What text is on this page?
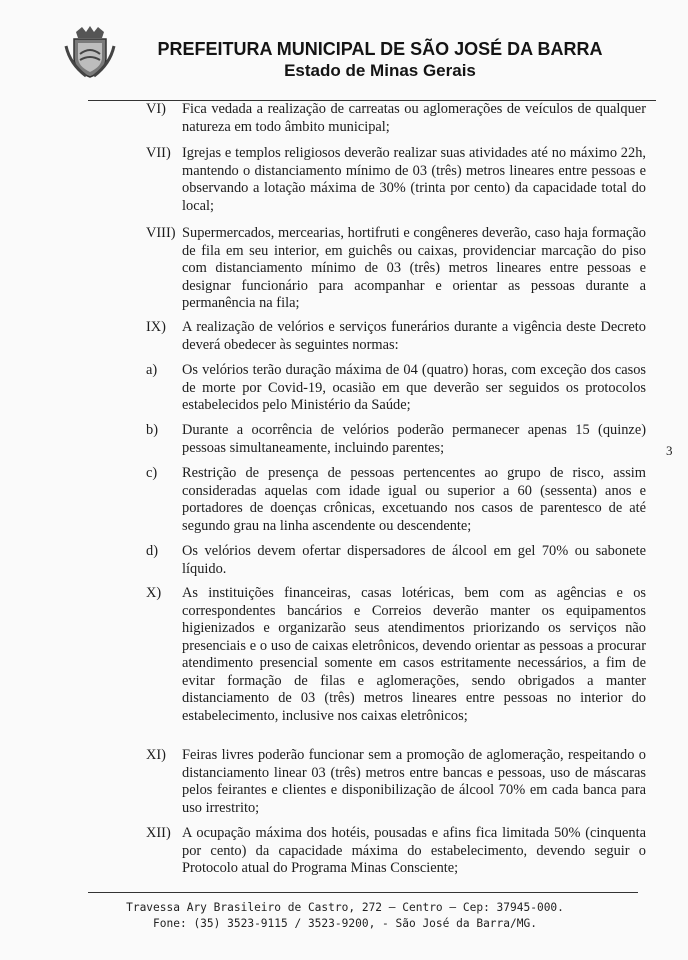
PREFEITURA MUNICIPAL DE SÃO JOSÉ DA BARRA
Estado de Minas Gerais
VI) Fica vedada a realização de carreatas ou aglomerações de veículos de qualquer natureza em todo âmbito municipal;
VII) Igrejas e templos religiosos deverão realizar suas atividades até no máximo 22h, mantendo o distanciamento mínimo de 03 (três) metros lineares entre pessoas e observando a lotação máxima de 30% (trinta por cento) da capacidade total do local;
VIII) Supermercados, mercearias, hortifruti e congêneres deverão, caso haja formação de fila em seu interior, em guichês ou caixas, providenciar marcação do piso com distanciamento mínimo de 03 (três) metros lineares entre pessoas e designar funcionário para acompanhar e orientar as pessoas durante a permanência na fila;
IX) A realização de velórios e serviços funerários durante a vigência deste Decreto deverá obedecer às seguintes normas:
a) Os velórios terão duração máxima de 04 (quatro) horas, com exceção dos casos de morte por Covid-19, ocasião em que deverão ser seguidos os protocolos estabelecidos pelo Ministério da Saúde;
b) Durante a ocorrência de velórios poderão permanecer apenas 15 (quinze) pessoas simultaneamente, incluindo parentes;
c) Restrição de presença de pessoas pertencentes ao grupo de risco, assim consideradas aquelas com idade igual ou superior a 60 (sessenta) anos e portadores de doenças crônicas, excetuando nos casos de parentesco de até segundo grau na linha ascendente ou descendente;
d) Os velórios devem ofertar dispersadores de álcool em gel 70% ou sabonete líquido.
X) As instituições financeiras, casas lotéricas, bem com as agências e os correspondentes bancários e Correios deverão manter os equipamentos higienizados e organizarão seus atendimentos priorizando os serviços não presenciais e o uso de caixas eletrônicos, devendo orientar as pessoas a procurar atendimento presencial somente em casos estritamente necessários, a fim de evitar formação de filas e aglomerações, sendo obrigados a manter distanciamento de 03 (três) metros lineares entre pessoas no interior do estabelecimento, inclusive nos caixas eletrônicos;
XI) Feiras livres poderão funcionar sem a promoção de aglomeração, respeitando o distanciamento linear 03 (três) metros entre bancas e pessoas, uso de máscaras pelos feirantes e clientes e disponibilização de álcool 70% em cada banca para uso irrestrito;
XII) A ocupação máxima dos hotéis, pousadas e afins fica limitada 50% (cinquenta por cento) da capacidade máxima do estabelecimento, devendo seguir o Protocolo atual do Programa Minas Consciente;
3
Travessa Ary Brasileiro de Castro, 272 – Centro – Cep: 37945-000.
Fone: (35) 3523-9115 / 3523-9200, - São José da Barra/MG.
